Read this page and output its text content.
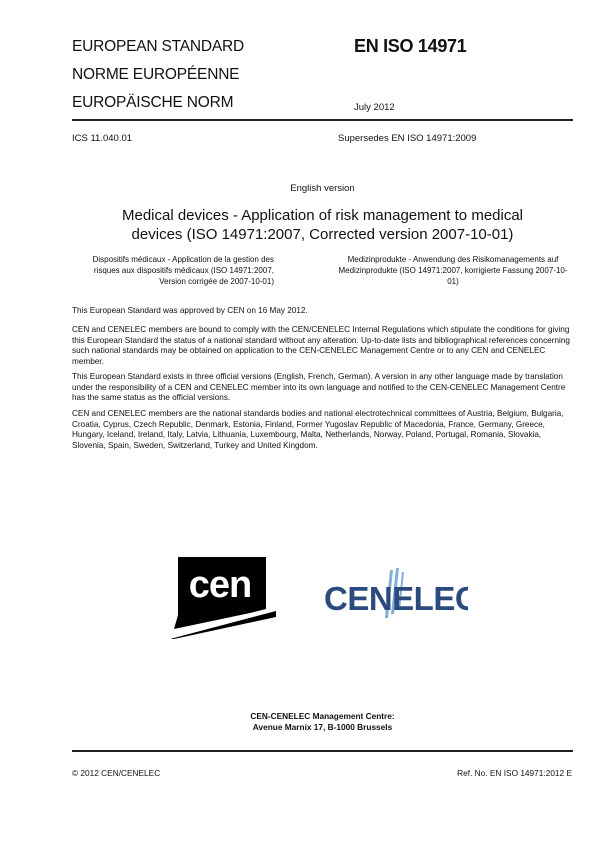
EUROPEAN STANDARD
NORME EUROPÉENNE
EUROPÄISCHE NORM
EN ISO 14971
July 2012
ICS 11.040.01	Supersedes EN ISO 14971:2009
English version
Medical devices - Application of risk management to medical devices (ISO 14971:2007, Corrected version 2007-10-01)
Dispositifs médicaux - Application de la gestion des risques aux dispositifs médicaux (ISO 14971:2007, Version corrigée de 2007-10-01)
Medizinprodukte - Anwendung des Risikomanagements auf Medizinprodukte (ISO 14971:2007, korrigierte Fassung 2007-10-01)
This European Standard was approved by CEN on 16 May 2012.
CEN and CENELEC members are bound to comply with the CEN/CENELEC Internal Regulations which stipulate the conditions for giving this European Standard the status of a national standard without any alteration. Up-to-date lists and bibliographical references concerning such national standards may be obtained on application to the CEN-CENELEC Management Centre or to any CEN and CENELEC member.
This European Standard exists in three official versions (English, French, German). A version in any other language made by translation under the responsibility of a CEN and CENELEC member into its own language and notified to the CEN-CENELEC Management Centre has the same status as the official versions.
CEN and CENELEC members are the national standards bodies and national electrotechnical committees of Austria, Belgium, Bulgaria, Croatia, Cyprus, Czech Republic, Denmark, Estonia, Finland, Former Yugoslav Republic of Macedonia, France, Germany, Greece, Hungary, Iceland, Ireland, Italy, Latvia, Lithuania, Luxembourg, Malta, Netherlands, Norway, Poland, Portugal, Romania, Slovakia, Slovenia, Spain, Sweden, Switzerland, Turkey and United Kingdom.
cen CENELEC
CEN-CENELEC Management Centre:
Avenue Marnix 17, B-1000 Brussels
© 2012 CEN/CENELEC	Ref. No. EN ISO 14971:2012 E
